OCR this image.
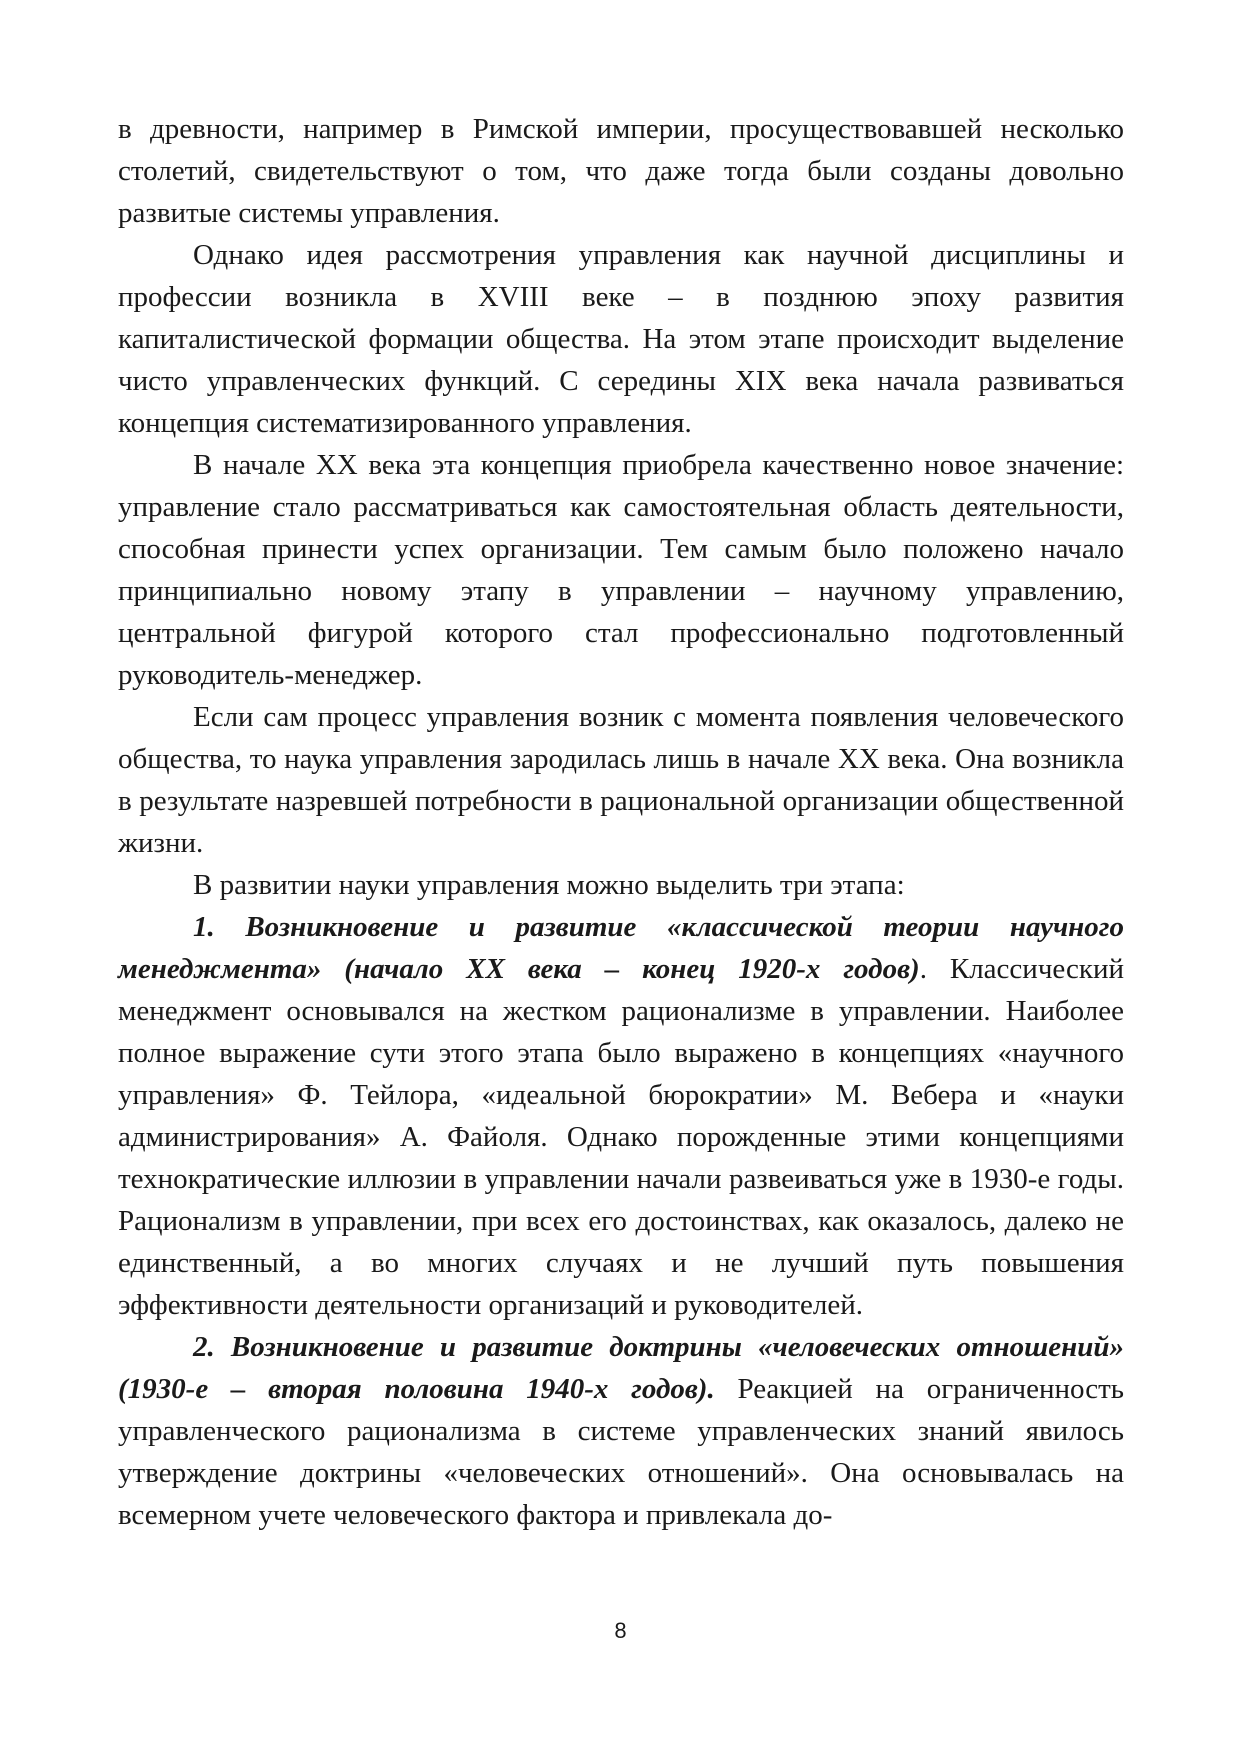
в древности, например в Римской империи, просуществовавшей несколько столетий, свидетельствуют о том, что даже тогда были созданы довольно развитые системы управления.

Однако идея рассмотрения управления как научной дисциплины и профессии возникла в XVIII веке – в позднюю эпоху развития капиталистической формации общества. На этом этапе происходит выделение чисто управленческих функций. С середины XIX века начала развиваться концепция систематизированного управления.

В начале XX века эта концепция приобрела качественно новое значение: управление стало рассматриваться как самостоятельная область деятельности, способная принести успех организации. Тем самым было положено начало принципиально новому этапу в управлении – научному управлению, центральной фигурой которого стал профессионально подготовленный руководитель-менеджер.

Если сам процесс управления возник с момента появления человеческого общества, то наука управления зародилась лишь в начале XX века. Она возникла в результате назревшей потребности в рациональной организации общественной жизни.

В развитии науки управления можно выделить три этапа:

1. Возникновение и развитие «классической теории научного менеджмента» (начало XX века – конец 1920-х годов). Классический менеджмент основывался на жестком рационализме в управлении. Наиболее полное выражение сути этого этапа было выражено в концепциях «научного управления» Ф. Тейлора, «идеальной бюрократии» М. Вебера и «науки администрирования» А. Файоля. Однако порожденные этими концепциями технократические иллюзии в управлении начали развеиваться уже в 1930-е годы. Рационализм в управлении, при всех его достоинствах, как оказалось, далеко не единственный, а во многих случаях и не лучший путь повышения эффективности деятельности организаций и руководителей.

2. Возникновение и развитие доктрины «человеческих отношений» (1930-е – вторая половина 1940-х годов). Реакцией на ограниченность управленческого рационализма в системе управленческих знаний явилось утверждение доктрины «человеческих отношений». Она основывалась на всемерном учете человеческого фактора и привлекала до-

8
